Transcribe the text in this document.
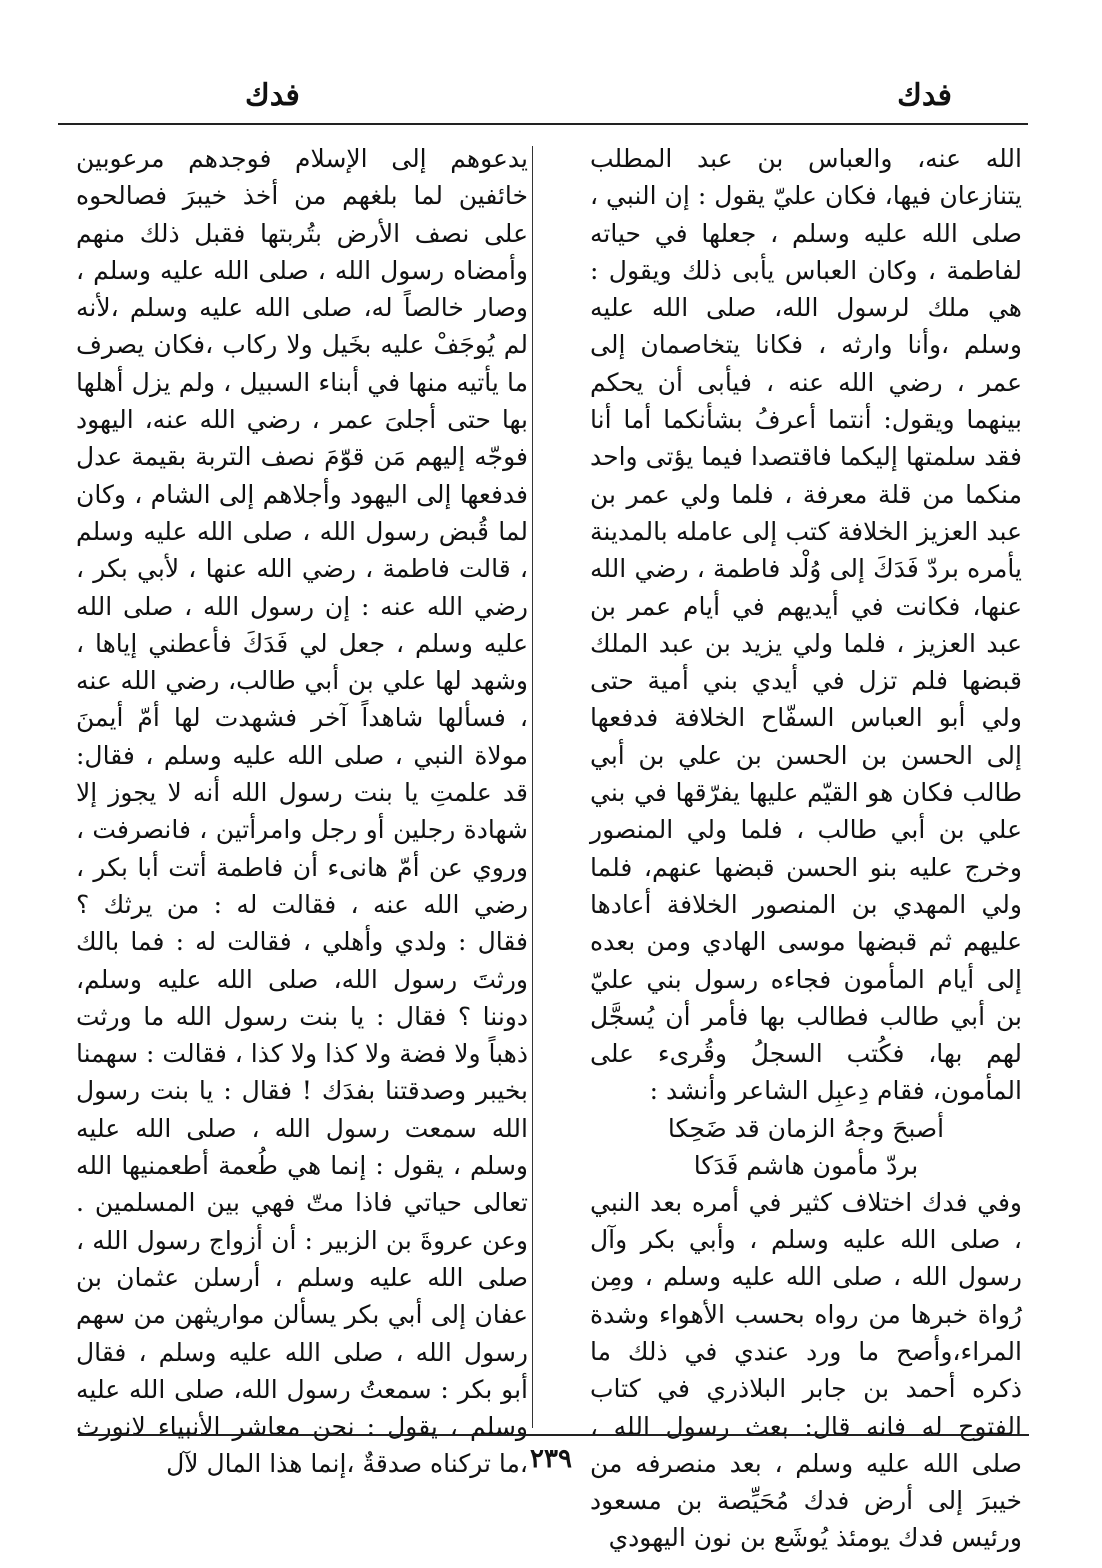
فدك
فدك

الله عنه، والعباس بن عبد المطلب يتنازعان فيها، فكان عليّ يقول : إن النبي ، صلى الله عليه وسلم ، جعلها في حياته لفاطمة ، وكان العباس يأبى ذلك ويقول : هي ملك لرسول الله، صلى الله عليه وسلم ،وأنا وارثه ، فكانا يتخاصمان إلى عمر ، رضي الله عنه ، فيأبى أن يحكم بينهما ويقول: أنتما أعرفُ بشأنكما أما أنا فقد سلمتها إليكما فاقتصدا فيما يؤتى واحد منكما من قلة معرفة ، فلما ولي عمر بن عبد العزيز الخلافة كتب إلى عامله بالمدينة يأمره بردّ فَدَكَ إلى وُلْد فاطمة ، رضي الله عنها، فكانت في أيديهم في أيام عمر بن عبد العزيز ، فلما ولي يزيد بن عبد الملك قبضها فلم تزل في أيدي بني أمية حتى ولي أبو العباس السفّاح الخلافة فدفعها إلى الحسن بن الحسن بن علي بن أبي طالب فكان هو القيّم عليها يفرّقها في بني علي بن أبي طالب ، فلما ولي المنصور وخرج عليه بنو الحسن قبضها عنهم، فلما ولي المهدي بن المنصور الخلافة أعادها عليهم ثم قبضها موسى الهادي ومن بعده إلى أيام المأمون فجاءه رسول بني عليّ بن أبي طالب فطالب بها فأمر أن يُسجَّل لهم بها، فكُتب السجلُ وقُرىء على المأمون، فقام دِعبِل الشاعر وأنشد :

أصبحَ وجهُ الزمان قد ضَحِكا
بردّ مأمون هاشم فَدَكا

وفي فدك اختلاف كثير في أمره بعد النبي ، صلى الله عليه وسلم ، وأبي بكر وآل رسول الله ، صلى الله عليه وسلم ، ومِن رُواة خبرها من رواه بحسب الأهواء وشدة المراء،وأصح ما ورد عندي في ذلك ما ذكره أحمد بن جابر البلاذري في كتاب الفتوح له فانه قال: بعث رسول الله ، صلى الله عليه وسلم ، بعد منصرفه من خيبرَ إلى أرض فدك مُحَيِّصة بن مسعود ورئيس فدك يومئذ يُوشَع بن نون اليهودي

يدعوهم إلى الإسلام فوجدهم مرعوبين خائفين لما بلغهم من أخذ خيبرَ فصالحوه على نصف الأرض بتُربتها فقبل ذلك منهم وأمضاه رسول الله ، صلى الله عليه وسلم ، وصار خالصاً له، صلى الله عليه وسلم ،لأنه لم يُوجَفْ عليه بخَيل ولا ركاب ،فكان يصرف ما يأتيه منها في أبناء السبيل ، ولم يزل أهلها بها حتى أجلىَ عمر ، رضي الله عنه، اليهود فوجّه إليهم مَن قوّمَ نصف التربة بقيمة عدل فدفعها إلى اليهود وأجلاهم إلى الشام ، وكان لما قُبض رسول الله ، صلى الله عليه وسلم ، قالت فاطمة ، رضي الله عنها ، لأبي بكر ، رضي الله عنه : إن رسول الله ، صلى الله عليه وسلم ، جعل لي فَدَكَ فأعطني إياها ، وشهد لها علي بن أبي طالب، رضي الله عنه ، فسألها شاهداً آخر فشهدت لها أمّ أيمنَ مولاة النبي ، صلى الله عليه وسلم ، فقال: قد علمتِ يا بنت رسول الله أنه لا يجوز إلا شهادة رجلين أو رجل وامرأتين ، فانصرفت ، وروي عن أمّ هانىء أن فاطمة أتت أبا بكر ، رضي الله عنه ، فقالت له : من يرثك ؟ فقال : ولدي وأهلي ، فقالت له : فما بالك ورثتَ رسول الله، صلى الله عليه وسلم، دوننا ؟ فقال : يا بنت رسول الله ما ورثت ذهباً ولا فضة ولا كذا ولا كذا ، فقالت : سهمنا بخيبر وصدقتنا بفدَك ! فقال : يا بنت رسول الله سمعت رسول الله ، صلى الله عليه وسلم ، يقول : إنما هي طُعمة أطعمنيها الله تعالى حياتي فاذا متّ فهي بين المسلمين . وعن عروةَ بن الزبير : أن أزواج رسول الله ، صلى الله عليه وسلم ، أرسلن عثمان بن عفان إلى أبي بكر يسألن مواريثهن من سهم رسول الله ، صلى الله عليه وسلم ، فقال أبو بكر : سمعتُ رسول الله، صلى الله عليه وسلم ، يقول : نحن معاشر الأنبياء لانورث ،ما تركناه صدقةٌ ،إنما هذا المال لآل ٢٣٩
